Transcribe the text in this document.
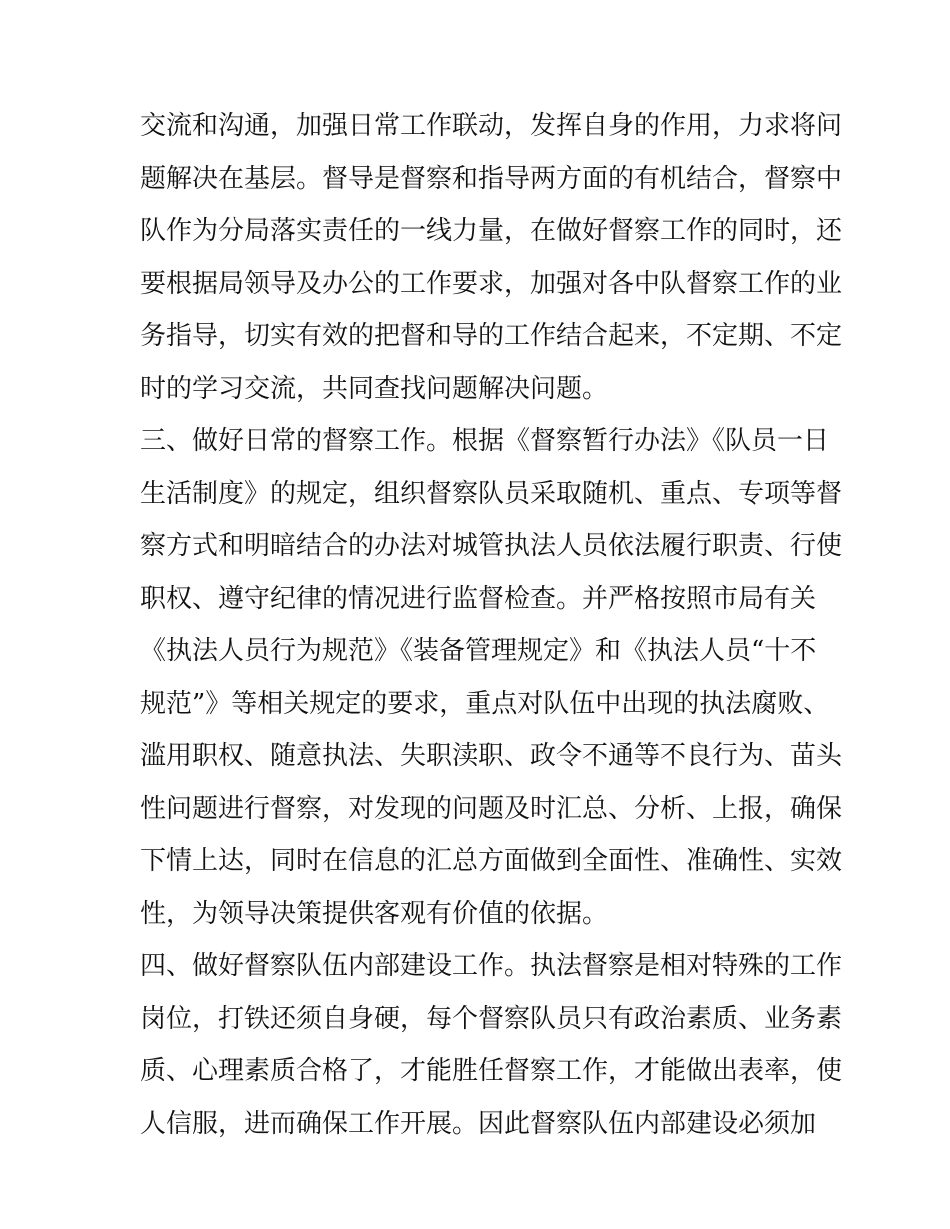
交流和沟通，加强日常工作联动，发挥自身的作用，力求将问
题解决在基层。督导是督察和指导两方面的有机结合，督察中
队作为分局落实责任的一线力量，在做好督察工作的同时，还
要根据局领导及办公的工作要求，加强对各中队督察工作的业
务指导，切实有效的把督和导的工作结合起来，不定期、不定
时的学习交流，共同查找问题解决问题。
三、做好日常的督察工作。根据《督察暂行办法》《队员一日
生活制度》的规定，组织督察队员采取随机、重点、专项等督
察方式和明暗结合的办法对城管执法人员依法履行职责、行使
职权、遵守纪律的情况进行监督检查。并严格按照市局有关
《执法人员行为规范》《装备管理规定》和《执法人员“十不
规范”》等相关规定的要求，重点对队伍中出现的执法腐败、
滥用职权、随意执法、失职渎职、政令不通等不良行为、苗头
性问题进行督察，对发现的问题及时汇总、分析、上报，确保
下情上达，同时在信息的汇总方面做到全面性、准确性、实效
性，为领导决策提供客观有价值的依据。
四、做好督察队伍内部建设工作。执法督察是相对特殊的工作
岗位，打铁还须自身硬，每个督察队员只有政治素质、业务素
质、心理素质合格了，才能胜任督察工作，才能做出表率，使
人信服，进而确保工作开展。因此督察队伍内部建设必须加
